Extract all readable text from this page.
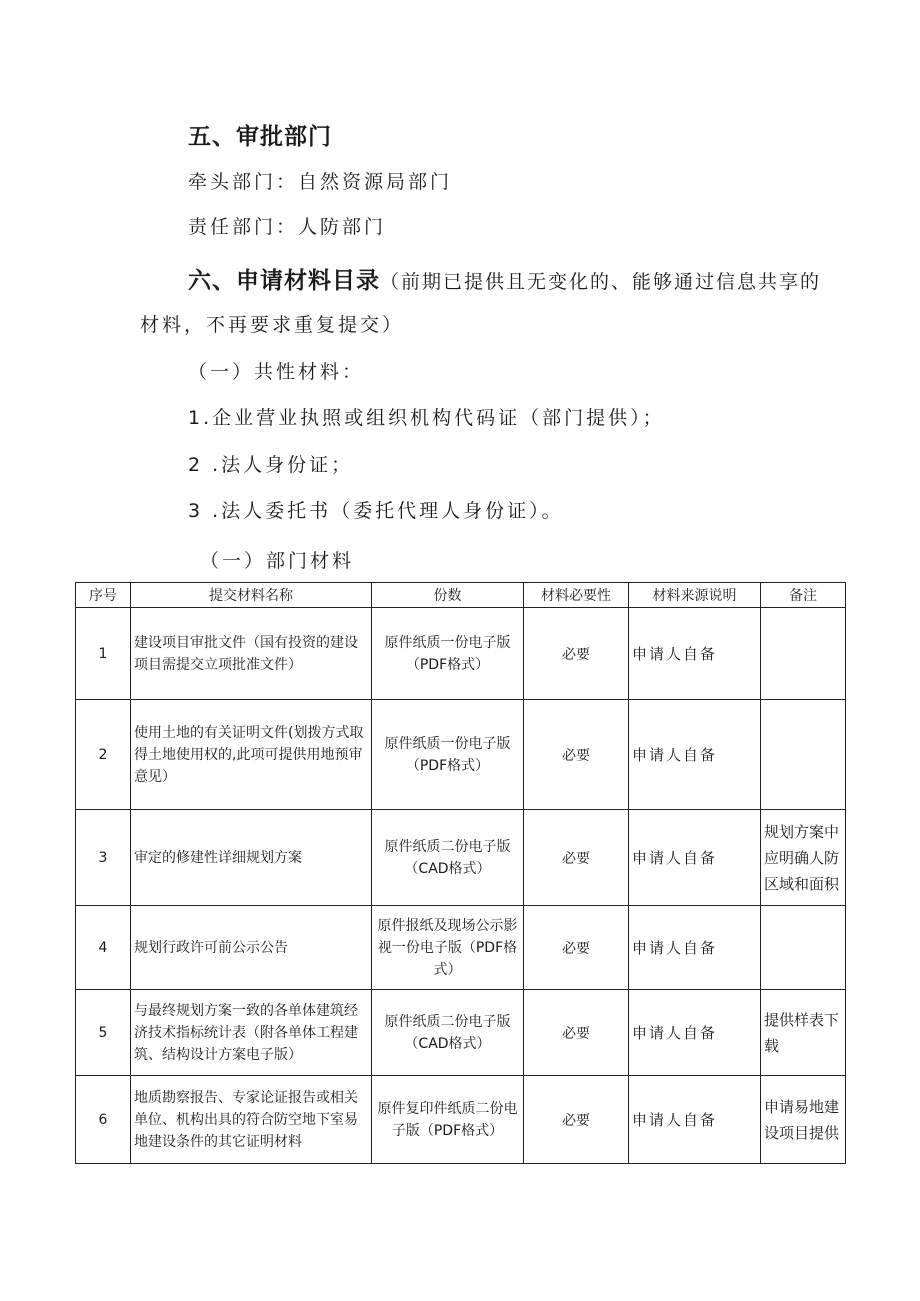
五、审批部门
牵头部门：自然资源局部门
责任部门：人防部门
六、申请材料目录（前期已提供且无变化的、能够通过信息共享的
材料，不再要求重复提交）
（一）共性材料：
1.企业营业执照或组织机构代码证（部门提供）；
2 .法人身份证；
3 .法人委托书（委托代理人身份证）。
（一）部门材料
序号	提交材料名称	份数	材料必要性	材料来源说明	备注
1	建设项目审批文件（国有投资的建设项目需提交立项批准文件）	原件纸质一份电子版（PDF格式）	必要	申请人自备	
2	使用土地的有关证明文件(划拨方式取得土地使用权的,此项可提供用地预审意见）	原件纸质一份电子版（PDF格式）	必要	申请人自备	
3	审定的修建性详细规划方案	原件纸质二份电子版（CAD格式）	必要	申请人自备	规划方案中应明确人防区域和面积
4	规划行政许可前公示公告	原件报纸及现场公示影视一份电子版（PDF格式）	必要	申请人自备	
5	与最终规划方案一致的各单体建筑经济技术指标统计表（附各单体工程建筑、结构设计方案电子版）	原件纸质二份电子版（CAD格式）	必要	申请人自备	提供样表下载
6	地质勘察报告、专家论证报告或相关单位、机构出具的符合防空地下室易地建设条件的其它证明材料	原件复印件纸质二份电子版（PDF格式）	必要	申请人自备	申请易地建设项目提供
